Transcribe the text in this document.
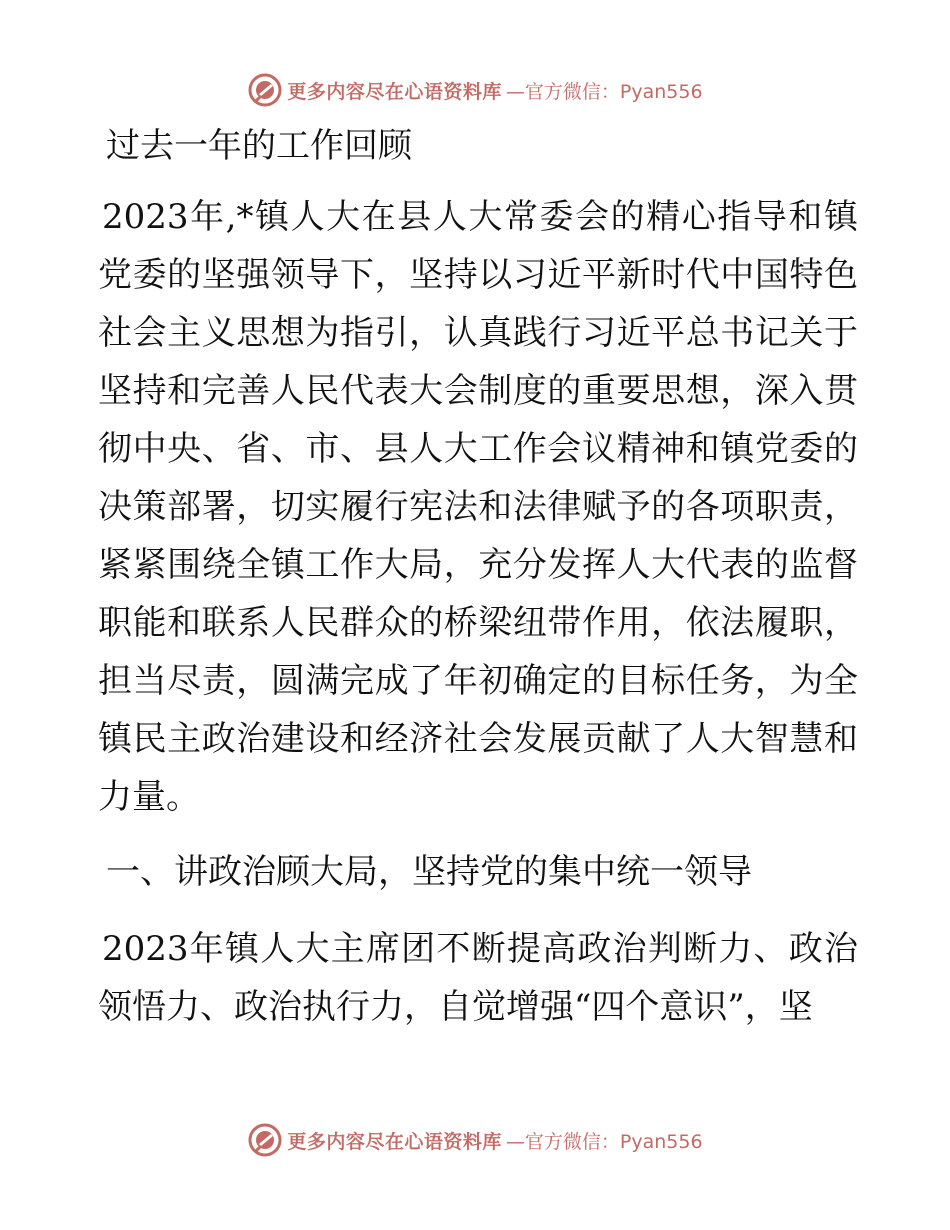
更多内容尽在心语资料库 —官方微信：Pyan556

过去一年的工作回顾

2023年,*镇人大在县人大常委会的精心指导和镇党委的坚强领导下，坚持以习近平新时代中国特色社会主义思想为指引，认真践行习近平总书记关于坚持和完善人民代表大会制度的重要思想，深入贯彻中央、省、市、县人大工作会议精神和镇党委的决策部署，切实履行宪法和法律赋予的各项职责，紧紧围绕全镇工作大局，充分发挥人大代表的监督职能和联系人民群众的桥梁纽带作用，依法履职，担当尽责，圆满完成了年初确定的目标任务，为全镇民主政治建设和经济社会发展贡献了人大智慧和力量。

一、讲政治顾大局，坚持党的集中统一领导

2023年镇人大主席团不断提高政治判断力、政治领悟力、政治执行力，自觉增强“四个意识”，坚

更多内容尽在心语资料库 —官方微信：Pyan556
